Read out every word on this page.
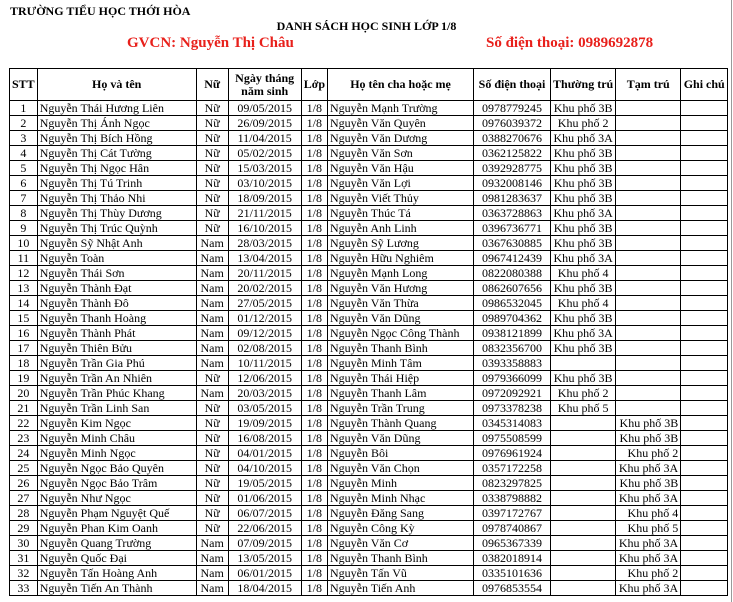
TRƯỜNG TIỂU HỌC THỚI HÒA
DANH SÁCH HỌC SINH LỚP 1/8
GVCN: Nguyễn Thị Châu	Số điện thoại: 0989692878
STT	Họ và tên	Nữ	Ngày tháng năm sinh	Lớp	Họ tên cha hoặc mẹ	Số điện thoại	Thường trú	Tạm trú	Ghi chú
1	Nguyễn Thái Hương Liên	Nữ	09/05/2015	1/8	Nguyễn Mạnh Trường	0978779245	Khu phố 3B		
2	Nguyễn Thị Ánh Ngọc	Nữ	26/09/2015	1/8	Nguyễn Văn Quyên	0976039372	Khu phố 2		
3	Nguyễn Thị Bích Hồng	Nữ	11/04/2015	1/8	Nguyễn Văn Dương	0388270676	Khu phố 3A		
4	Nguyễn Thị Cát Tường	Nữ	05/02/2015	1/8	Nguyễn Văn Sơn	0362125822	Khu phố 3B		
5	Nguyễn Thị Ngọc Hân	Nữ	15/03/2015	1/8	Nguyễn Văn Hậu	0392928775	Khu phố 3B		
6	Nguyễn Thị Tú Trinh	Nữ	03/10/2015	1/8	Nguyễn Văn Lợi	0932008146	Khu phố 3B		
7	Nguyễn Thị Thảo Nhi	Nữ	18/09/2015	1/8	Nguyễn Viết Thủy	0981283637	Khu phố 3B		
8	Nguyễn Thị Thùy Dương	Nữ	21/11/2015	1/8	Nguyễn Thúc Tá	0363728863	Khu phố 3A		
9	Nguyễn Thị Trúc Quỳnh	Nữ	16/10/2015	1/8	Nguyễn Anh Linh	0396736771	Khu phố 3B		
10	Nguyễn Sỹ Nhật Anh	Nam	28/03/2015	1/8	Nguyễn Sỹ Lương	0367630885	Khu phố 3B		
11	Nguyễn Toàn	Nam	13/04/2015	1/8	Nguyễn Hữu Nghiêm	0967412439	Khu phố 3A		
12	Nguyễn Thái Sơn	Nam	20/11/2015	1/8	Nguyễn Mạnh Long	0822080388	Khu phố 4		
13	Nguyễn Thành Đạt	Nam	20/02/2015	1/8	Nguyễn Văn Hương	0862607656	Khu phố 3B		
14	Nguyễn Thành Đô	Nam	27/05/2015	1/8	Nguyễn Văn Thừa	0986532045	Khu phố 4		
15	Nguyễn Thanh Hoàng	Nam	01/12/2015	1/8	Nguyễn Văn Dũng	0989704362	Khu phố 3B		
16	Nguyễn Thành Phát	Nam	09/12/2015	1/8	Nguyễn Ngọc Công Thành	0938121899	Khu phố 3A		
17	Nguyễn Thiên Bửu	Nam	02/08/2015	1/8	Nguyễn Thanh Bình	0832356700	Khu phố 3B		
18	Nguyễn Trần Gia Phú	Nam	10/11/2015	1/8	Nguyễn Minh Tâm	0393358883			
19	Nguyễn Trần An Nhiên	Nữ	12/06/2015	1/8	Nguyễn Thái Hiệp	0979366099	Khu phố 3B		
20	Nguyễn Trần Phúc Khang	Nam	20/03/2015	1/8	Nguyễn Thanh Lâm	0972092921	Khu phố 2		
21	Nguyễn Trần Linh San	Nữ	03/05/2015	1/8	Nguyễn Trần Trung	0973378238	Khu phố 5		
22	Nguyễn Kim Ngọc	Nữ	19/09/2015	1/8	Nguyễn Thành Quang	0345314083		Khu phố 3B	
23	Nguyễn Minh Châu	Nữ	16/08/2015	1/8	Nguyễn Văn Dũng	0975508599		Khu phố 3B	
24	Nguyễn Minh Ngọc	Nữ	04/01/2015	1/8	Nguyễn Bôi	0976961924		Khu phố 2	
25	Nguyễn Ngọc Bảo Quyên	Nữ	04/10/2015	1/8	Nguyễn Văn Chọn	0357172258		Khu phố 3A	
26	Nguyễn Ngọc Bảo Trâm	Nữ	19/05/2015	1/8	Nguyễn Minh	0823297825		Khu phố 3B	
27	Nguyễn Như Ngọc	Nữ	01/06/2015	1/8	Nguyễn Minh Nhạc	0338798882		Khu phố 3A	
28	Nguyễn Phạm Nguyệt Quế	Nữ	06/07/2015	1/8	Nguyễn Đăng Sang	0397172767		Khu phố 4	
29	Nguyễn Phan Kim Oanh	Nữ	22/06/2015	1/8	Nguyễn Công Kỳ	0978740867		Khu phố 5	
30	Nguyễn Quang Trường	Nam	07/09/2015	1/8	Nguyễn Văn Cơ	0965367339		Khu phố 3A	
31	Nguyễn Quốc Đại	Nam	13/05/2015	1/8	Nguyễn Thanh Bình	0382018914		Khu phố 3A	
32	Nguyễn Tấn Hoàng Anh	Nam	06/01/2015	1/8	Nguyễn Tấn Vũ	0335101636		Khu phố 2	
33	Nguyễn Tiến An Thành	Nam	18/04/2015	1/8	Nguyễn Tiến Anh	0976853554		Khu phố 3A	
